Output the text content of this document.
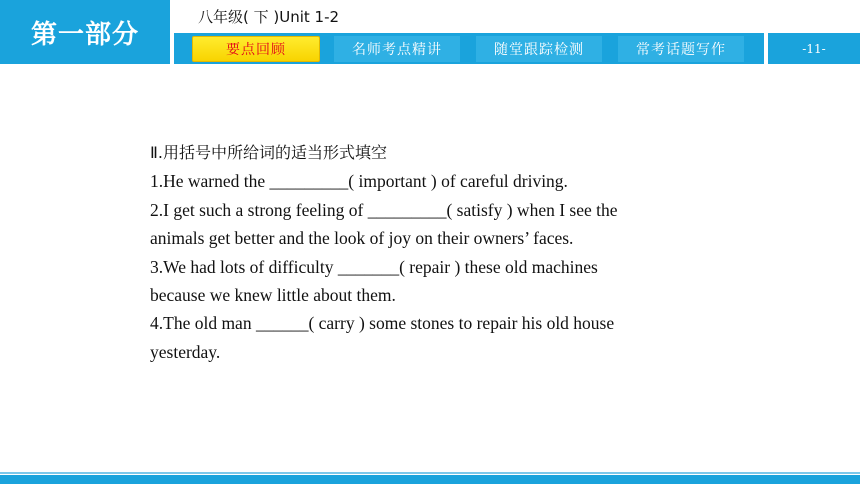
第一部分
八年级( 下 )Unit 1-2
要点回顾	名师考点精讲	随堂跟踪检测	常考话题写作	-11-
Ⅱ.用括号中所给词的适当形式填空
1.He warned the _________( important ) of careful driving.
2.I get such a strong feeling of _________( satisfy ) when I see the
animals get better and the look of joy on their owners’ faces.
3.We had lots of difficulty _______( repair ) these old machines
because we knew little about them.
4.The old man ______( carry ) some stones to repair his old house
yesterday.
